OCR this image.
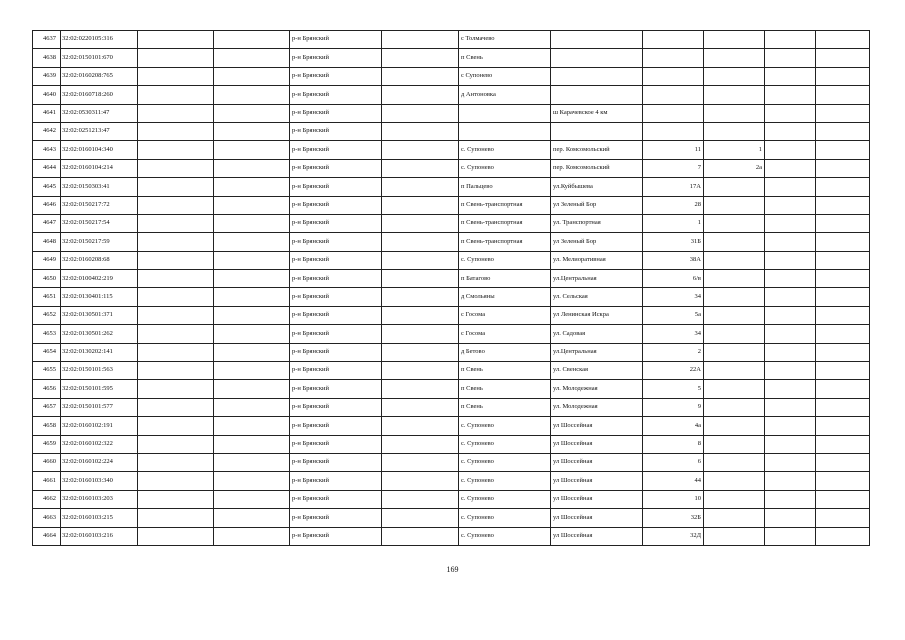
4637	32:02:0220105:316			р-н Брянский		с Толмачево					
4638	32:02:0150101:670			р-н Брянский		п Свень					
4639	32:02:0160208:765			р-н Брянский		с Супонево					
4640	32:02:0160718:260			р-н Брянский		д Антоновка					
4641	32:02:0530311:47			р-н Брянский			ш Карачевское 4 км				
4642	32:02:0251213:47			р-н Брянский							
4643	32:02:0160104:340			р-н Брянский		с. Супонево	пер. Комсомольский	11	1		
4644	32:02:0160104:214			р-н Брянский		с. Супонево	пер. Комсомольский	7	2а		
4645	32:02:0150303:41			р-н Брянский		п Пальцево	ул.Куйбышева	17А			
4646	32:02:0150217:72			р-н Брянский		п Свень-транспортная	ул Зеленый Бор	28			
4647	32:02:0150217:54			р-н Брянский		п Свень-транспортная	ул. Транспортная	1			
4648	32:02:0150217:59			р-н Брянский		п Свень-транспортная	ул Зеленый Бор	31Б			
4649	32:02:0160208:68			р-н Брянский		с. Супонево	ул. Мелиоративная	38А			
4650	32:02:0100402:219			р-н Брянский		п Батагово	ул.Центральная	6/в			
4651	32:02:0130401:115			р-н Брянский		д Смольяны	ул. Сельская	34			
4652	32:02:0130501:371			р-н Брянский		с Госома	ул Ленинская Искра	5а			
4653	32:02:0130501:262			р-н Брянский		с Госома	ул. Садовая	34			
4654	32:02:0130202:141			р-н Брянский		д Бетово	ул.Центральная	2			
4655	32:02:0150101:563			р-н Брянский		п Свень	ул. Свенская	22А			
4656	32:02:0150101:595			р-н Брянский		п Свень	ул. Молодежная	5			
4657	32:02:0150101:577			р-н Брянский		п Свень	ул. Молодежная	9			
4658	32:02:0160102:191			р-н Брянский		с. Супонево	ул Шоссейная	4а			
4659	32:02:0160102:322			р-н Брянский		с. Супонево	ул Шоссейная	8			
4660	32:02:0160102:224			р-н Брянский		с. Супонево	ул Шоссейная	6			
4661	32:02:0160103:340			р-н Брянский		с. Супонево	ул Шоссейная	44			
4662	32:02:0160103:203			р-н Брянский		с. Супонево	ул Шоссейная	10			
4663	32:02:0160103:215			р-н Брянский		с. Супонево	ул Шоссейная	32Б			
4664	32:02:0160103:216			р-н Брянский		с. Супонево	ул Шоссейная	32Д			
169
